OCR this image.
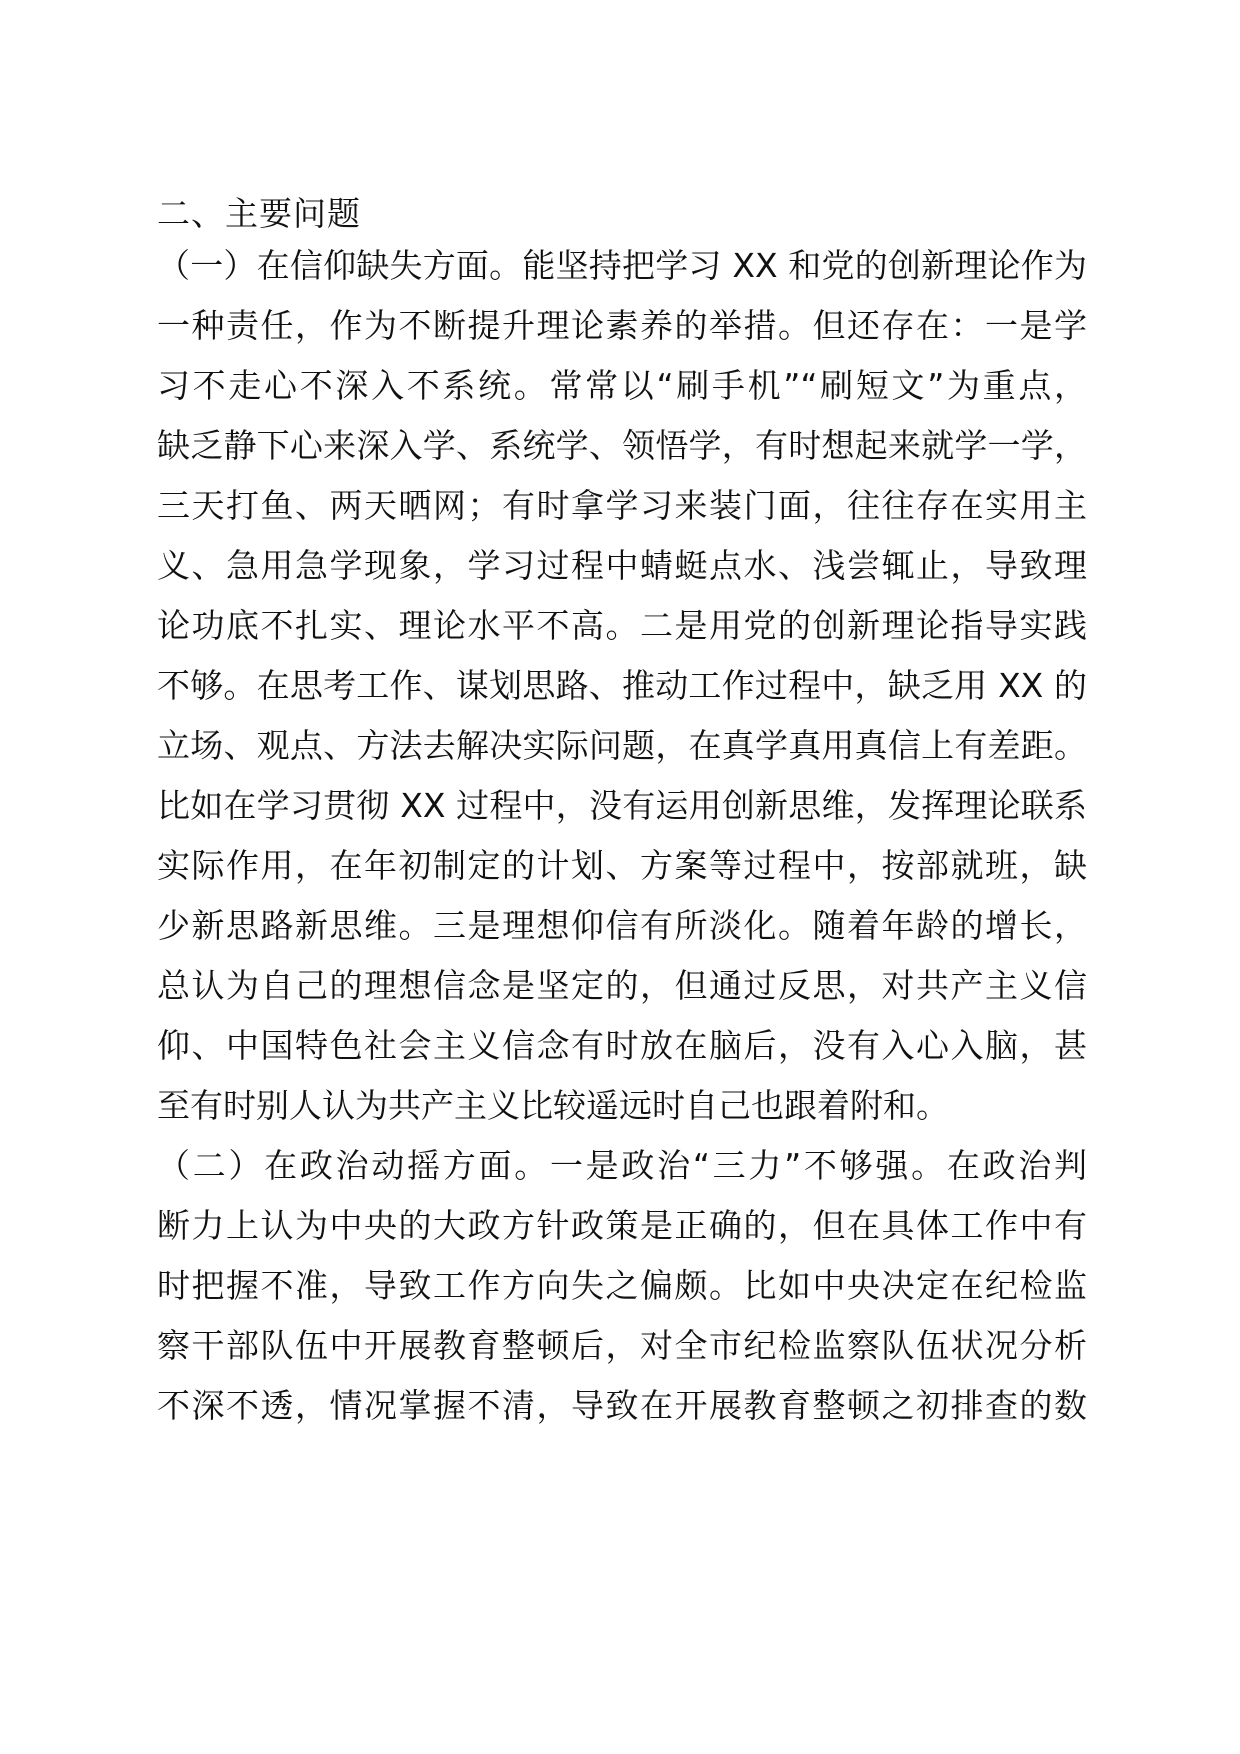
二、主要问题
（一）在信仰缺失方面。能坚持把学习 XX 和党的创新理论作为
一种责任，作为不断提升理论素养的举措。但还存在：一是学
习不走心不深入不系统。常常以“刷手机”“刷短文”为重点，
缺乏静下心来深入学、系统学、领悟学，有时想起来就学一学，
三天打鱼、两天晒网；有时拿学习来装门面，往往存在实用主
义、急用急学现象，学习过程中蜻蜓点水、浅尝辄止，导致理
论功底不扎实、理论水平不高。二是用党的创新理论指导实践
不够。在思考工作、谋划思路、推动工作过程中，缺乏用 XX 的
立场、观点、方法去解决实际问题，在真学真用真信上有差距。
比如在学习贯彻 XX 过程中，没有运用创新思维，发挥理论联系
实际作用，在年初制定的计划、方案等过程中，按部就班，缺
少新思路新思维。三是理想仰信有所淡化。随着年龄的增长，
总认为自己的理想信念是坚定的，但通过反思，对共产主义信
仰、中国特色社会主义信念有时放在脑后，没有入心入脑，甚
至有时别人认为共产主义比较遥远时自己也跟着附和。
（二）在政治动摇方面。一是政治“三力”不够强。在政治判
断力上认为中央的大政方针政策是正确的，但在具体工作中有
时把握不准，导致工作方向失之偏颇。比如中央决定在纪检监
察干部队伍中开展教育整顿后，对全市纪检监察队伍状况分析
不深不透，情况掌握不清，导致在开展教育整顿之初排查的数
